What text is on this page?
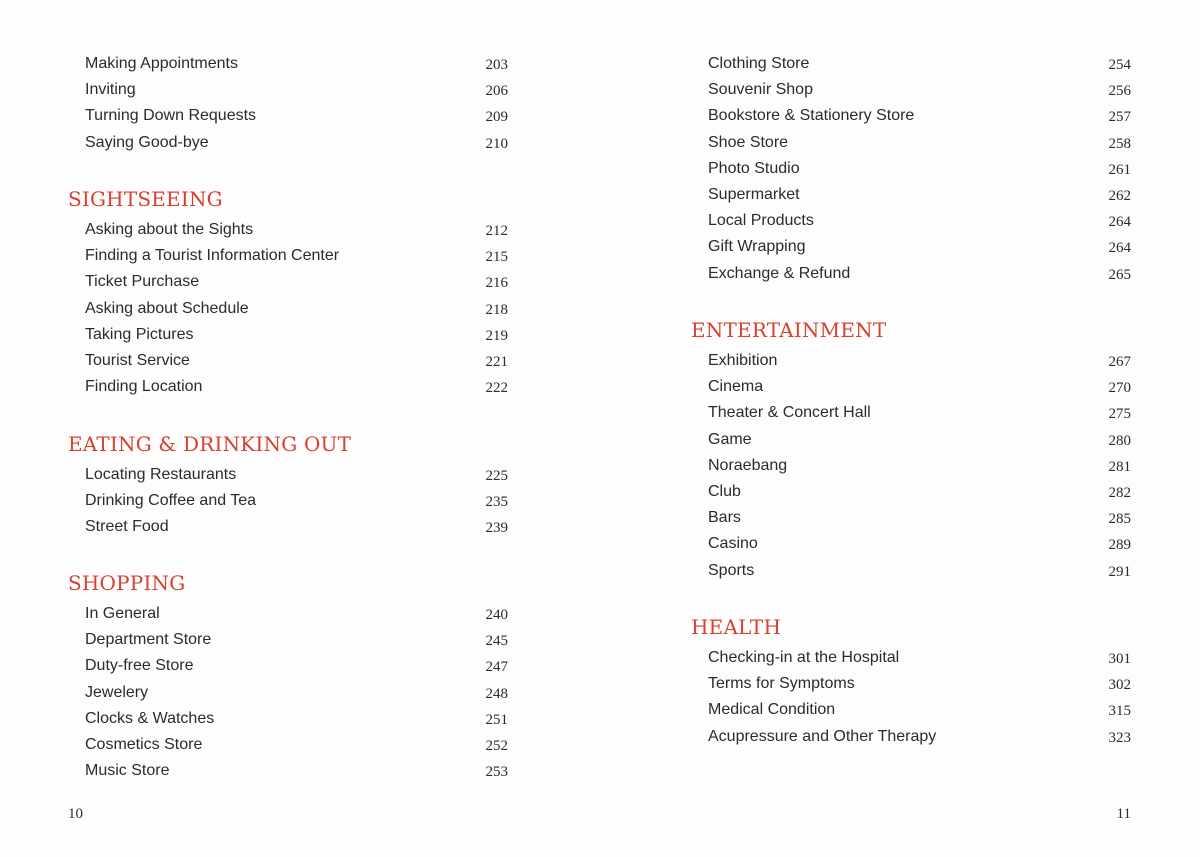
Making Appointments	203
Inviting	206
Turning Down Requests	209
Saying Good-bye	210
SIGHTSEEING
Asking about the Sights	212
Finding a Tourist Information Center	215
Ticket Purchase	216
Asking about Schedule	218
Taking Pictures	219
Tourist Service	221
Finding Location	222
EATING & DRINKING OUT
Locating Restaurants	225
Drinking Coffee and Tea	235
Street Food	239
SHOPPING
In General	240
Department Store	245
Duty-free Store	247
Jewelery	248
Clocks & Watches	251
Cosmetics Store	252
Music Store	253
10
Clothing Store	254
Souvenir Shop	256
Bookstore & Stationery Store	257
Shoe Store	258
Photo Studio	261
Supermarket	262
Local Products	264
Gift Wrapping	264
Exchange & Refund	265
ENTERTAINMENT
Exhibition	267
Cinema	270
Theater & Concert Hall	275
Game	280
Noraebang	281
Club	282
Bars	285
Casino	289
Sports	291
HEALTH
Checking-in at the Hospital	301
Terms for Symptoms	302
Medical Condition	315
Acupressure and Other Therapy	323
11
